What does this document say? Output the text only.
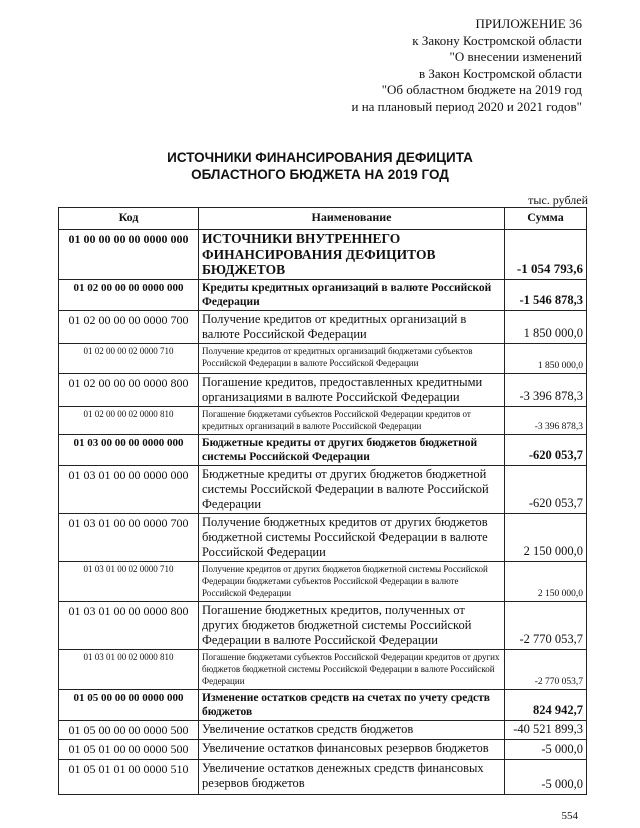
ПРИЛОЖЕНИЕ 36
к Закону Костромской области
"О внесении изменений
в Закон Костромской области
"Об областном бюджете на 2019 год
и на плановый период 2020 и 2021 годов"
ИСТОЧНИКИ ФИНАНСИРОВАНИЯ ДЕФИЦИТА
ОБЛАСТНОГО БЮДЖЕТА НА 2019 ГОД
тыс. рублей
Код	Наименование	Сумма
01 00 00 00 00 0000 000	ИСТОЧНИКИ ВНУТРЕННЕГО ФИНАНСИРОВАНИЯ ДЕФИЦИТОВ БЮДЖЕТОВ	-1 054 793,6
01 02 00 00 00 0000 000	Кредиты кредитных организаций в валюте Российской Федерации	-1 546 878,3
01 02 00 00 00 0000 700	Получение кредитов от кредитных организаций в валюте Российской Федерации	1 850 000,0
01 02 00 00 02 0000 710	Получение кредитов от кредитных организаций бюджетами субъектов Российской Федерации в валюте Российской Федерации	1 850 000,0
01 02 00 00 00 0000 800	Погашение кредитов, предоставленных кредитными организациями в валюте Российской Федерации	-3 396 878,3
01 02 00 00 02 0000 810	Погашение бюджетами субъектов Российской Федерации кредитов от кредитных организаций в валюте Российской Федерации	-3 396 878,3
01 03 00 00 00 0000 000	Бюджетные кредиты от других бюджетов бюджетной системы Российской Федерации	-620 053,7
01 03 01 00 00 0000 000	Бюджетные кредиты от других бюджетов бюджетной системы Российской Федерации в валюте Российской Федерации	-620 053,7
01 03 01 00 00 0000 700	Получение бюджетных кредитов от других бюджетов бюджетной системы Российской Федерации в валюте Российской Федерации	2 150 000,0
01 03 01 00 02 0000 710	Получение кредитов от других бюджетов бюджетной системы Российской Федерации бюджетами субъектов Российской Федерации в валюте Российской Федерации	2 150 000,0
01 03 01 00 00 0000 800	Погашение бюджетных кредитов, полученных от других бюджетов бюджетной системы Российской Федерации в валюте Российской Федерации	-2 770 053,7
01 03 01 00 02 0000 810	Погашение бюджетами субъектов Российской Федерации кредитов от других бюджетов бюджетной системы Российской Федерации в валюте Российской Федерации	-2 770 053,7
01 05 00 00 00 0000 000	Изменение остатков средств на счетах по учету средств бюджетов	824 942,7
01 05 00 00 00 0000 500	Увеличение остатков средств бюджетов	-40 521 899,3
01 05 01 00 00 0000 500	Увеличение остатков финансовых резервов бюджетов	-5 000,0
01 05 01 01 00 0000 510	Увеличение остатков денежных средств финансовых резервов бюджетов	-5 000,0
554
